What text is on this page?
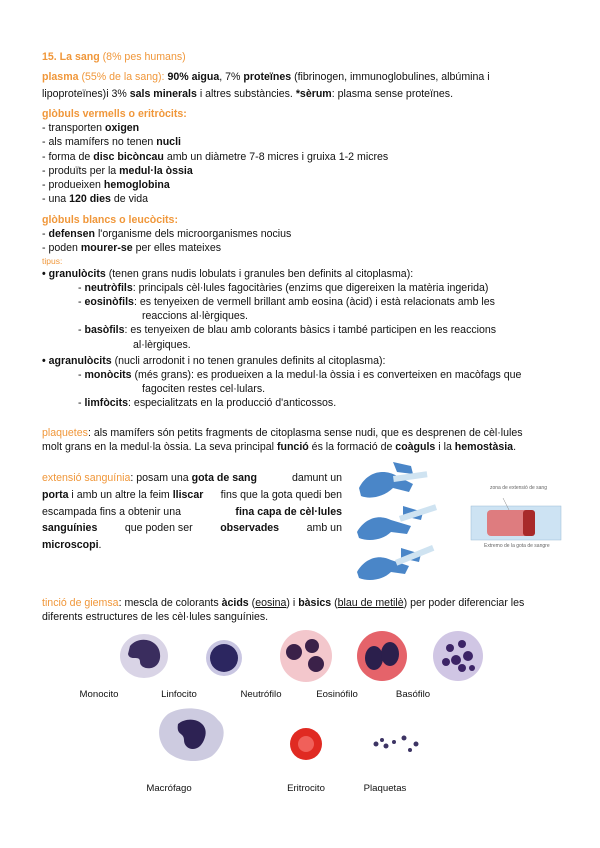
15. La sang (8% pes humans)
plasma (55% de la sang): 90% aigua, 7% proteïnes (fibrinogen, immunoglobulines, albúmina i
lipoproteïnes)i 3% sals minerals i altres substàncies. *sèrum: plasma sense proteïnes.
glòbuls vermells o eritròcits:
- transporten oxigen
- als mamífers no tenen nucli
- forma de disc bicòncau amb un diàmetre 7-8 micres i gruixa 1-2 micres
- produïts per la medul·la òssia
- produeixen hemoglobina
- una 120 dies de vida
glòbuls blancs o leucòcits:
- defensen l'organisme dels microorganismes nocius
- poden mourer-se per elles mateixes
tipus:
• granulòcits (tenen grans nudis lobulats i granules ben definits al citoplasma):
- neutròfils: principals cèl·lules fagocitàries (enzims que digereixen la matèria ingerida)
- eosinòfils: es tenyeixen de vermell brillant amb eosina (àcid) i està relacionats amb les
reaccions al·lèrgiques.
- basòfils: es tenyeixen de blau amb colorants bàsics i també participen en les reaccions
al·lèrgiques.
• agranulòcits (nucli arrodonit i no tenen granules definits al citoplasma):
- monòcits (més grans): es produeixen a la medul·la òssia i es converteixen en macòfags que
fagociten restes cel·lulars.
- limfòcits: especialitzats en la producció d'anticossos.
plaquetes: als mamífers són petits fragments de citoplasma sense nudi, que es desprenen de cèl·lules
molt grans en la medul·la òssia. La seva principal funció és la formació de coàguls i la hemostàsia.
extensió sanguínia: posam una gota de sang	damunt un
porta i amb un altre la feim lliscar fins que la gota quedi ben
escampada fins a obtenir una	fina capa de cèl·lules
sanguínies	que poden ser	observades	amb un
microscopi.
zona de extensió de sang
Extremo de la gota de sangre
tinció de giemsa: mescla de colorants àcids (eosina) i bàsics (blau de metilè) per poder diferenciar les
diferents estructures de les cèl·lules sanguínies.
Monocito	Linfocito	Neutrófilo	Eosinófilo	Basófilo
Macrófago	Eritrocito	Plaquetas
